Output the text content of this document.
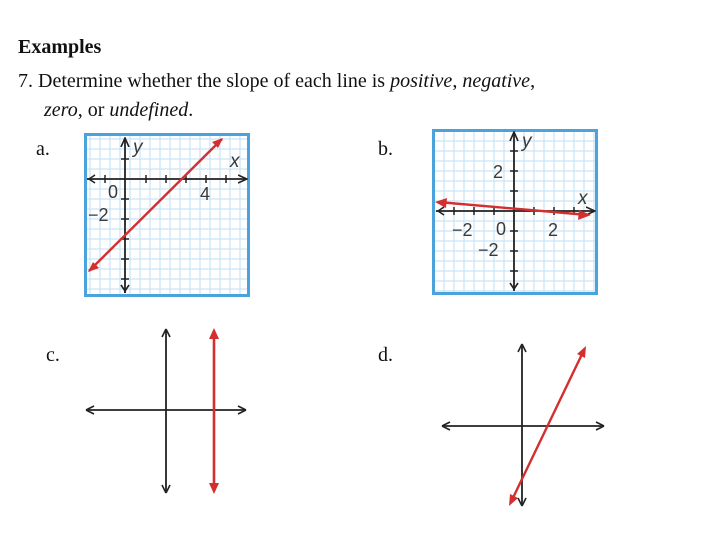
Examples
7. Determine whether the slope of each line is positive, negative,
zero, or undefined.
a.	b.
c.	d.
y
x
0	4
−2
y
x
2
0
−2	2
−2
